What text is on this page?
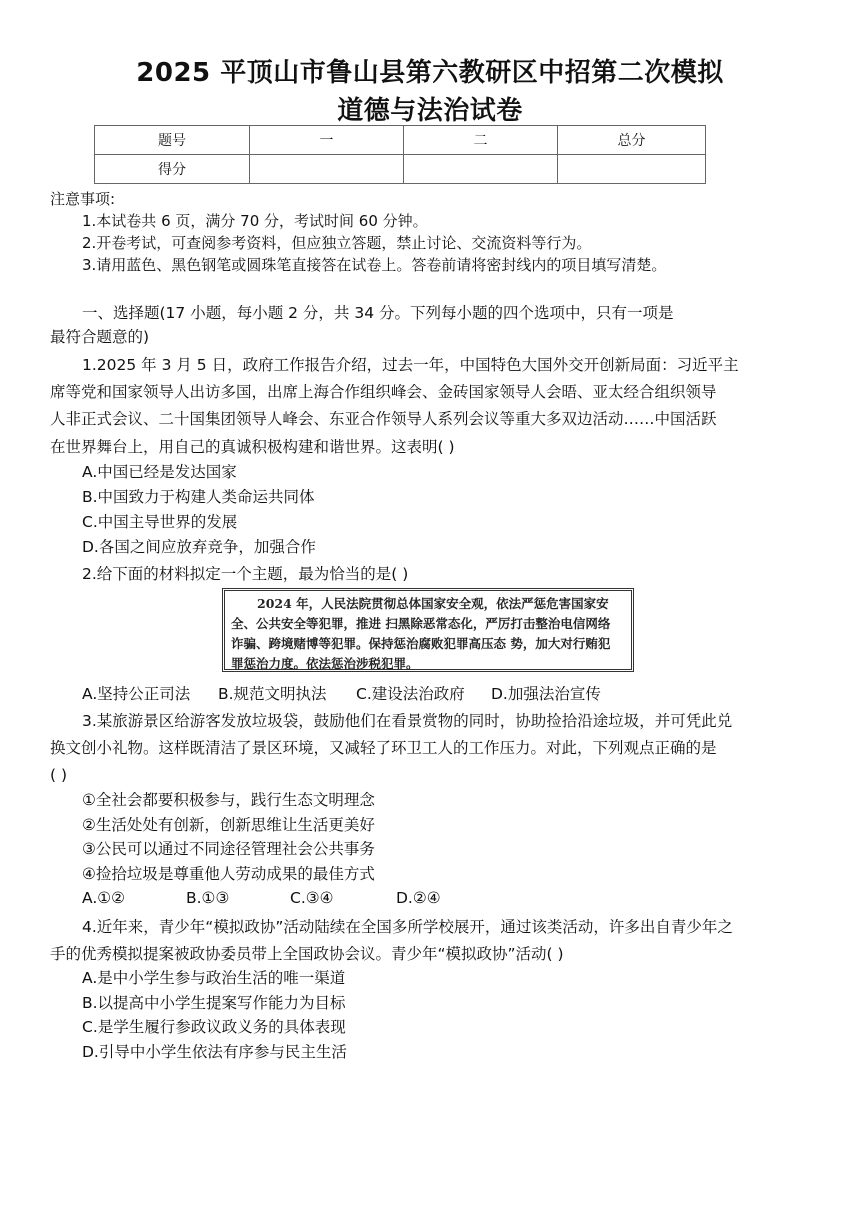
2025 平顶山市鲁山县第六教研区中招第二次模拟
道德与法治试卷
题号	一	二	总分
得分			
注意事项:
1.本试卷共 6 页，满分 70 分，考试时间 60 分钟。
2.开卷考试，可查阅参考资料，但应独立答题，禁止讨论、交流资料等行为。
3.请用蓝色、黑色钢笔或圆珠笔直接答在试卷上。答卷前请将密封线内的项目填写清楚。
一、选择题(17 小题，每小题 2 分，共 34 分。下列每小题的四个选项中，只有一项是
最符合题意的)
1.2025 年 3 月 5 日，政府工作报告介绍，过去一年，中国特色大国外交开创新局面：习近平主
席等党和国家领导人出访多国，出席上海合作组织峰会、金砖国家领导人会晤、亚太经合组织领导
人非正式会议、二十国集团领导人峰会、东亚合作领导人系列会议等重大多双边活动……中国活跃
在世界舞台上，用自己的真诚积极构建和谐世界。这表明( )
A.中国已经是发达国家
B.中国致力于构建人类命运共同体
C.中国主导世界的发展
D.各国之间应放弃竞争，加强合作
2.给下面的材料拟定一个主题，最为恰当的是( )
2024 年，人民法院贯彻总体国家安全观，依法严惩危害国家安
全、公共安全等犯罪，推进 扫黑除恶常态化，严厉打击整治电信网络
诈骗、跨境赌博等犯罪。保持惩治腐败犯罪高压态 势，加大对行贿犯
罪惩治力度。依法惩治涉税犯罪。
A.坚持公正司法 B.规范文明执法 C.建设法治政府 D.加强法治宣传
3.某旅游景区给游客发放垃圾袋，鼓励他们在看景赏物的同时，协助捡拾沿途垃圾，并可凭此兑
换文创小礼物。这样既清洁了景区环境，又减轻了环卫工人的工作压力。对此，下列观点正确的是
( )
①全社会都要积极参与，践行生态文明理念
②生活处处有创新，创新思维让生活更美好
③公民可以通过不同途径管理社会公共事务
④捡拾垃圾是尊重他人劳动成果的最佳方式
A.①②	B.①③	C.③④	D.②④
4.近年来，青少年“模拟政协”活动陆续在全国多所学校展开，通过该类活动，许多出自青少年之
手的优秀模拟提案被政协委员带上全国政协会议。青少年“模拟政协”活动( )
A.是中小学生参与政治生活的唯一渠道
B.以提高中小学生提案写作能力为目标
C.是学生履行参政议政义务的具体表现
D.引导中小学生依法有序参与民主生活
